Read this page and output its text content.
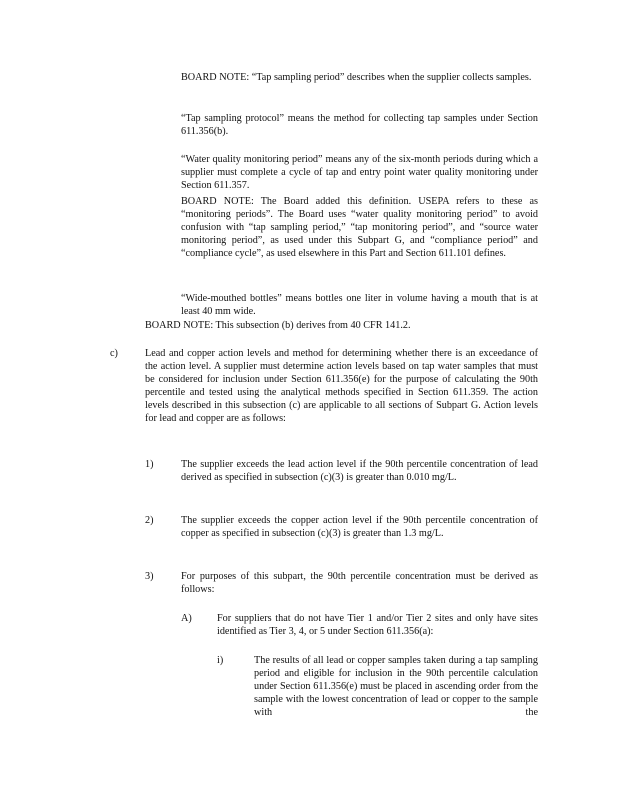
BOARD NOTE: “Tap sampling period” describes when the supplier collects samples.

“Tap sampling protocol” means the method for collecting tap samples under Section 611.356(b).

“Water quality monitoring period” means any of the six-month periods during which a supplier must complete a cycle of tap and entry point water quality monitoring under Section 611.357.

BOARD NOTE: The Board added this definition. USEPA refers to these as “monitoring periods”. The Board uses “water quality monitoring period” to avoid confusion with “tap sampling period,” “tap monitoring period”, and “source water monitoring period”, as used under this Subpart G, and “compliance period” and “compliance cycle”, as used elsewhere in this Part and Section 611.101 defines.

“Wide-mouthed bottles” means bottles one liter in volume having a mouth that is at least 40 mm wide.

BOARD NOTE: This subsection (b) derives from 40 CFR 141.2.

c)	Lead and copper action levels and method for determining whether there is an exceedance of the action level. A supplier must determine action levels based on tap water samples that must be considered for inclusion under Section 611.356(e) for the purpose of calculating the 90th percentile and tested using the analytical methods specified in Section 611.359. The action levels described in this subsection (c) are applicable to all sections of Subpart G. Action levels for lead and copper are as follows:

1)	The supplier exceeds the lead action level if the 90th percentile concentration of lead derived as specified in subsection (c)(3) is greater than 0.010 mg/L.

2)	The supplier exceeds the copper action level if the 90th percentile concentration of copper as specified in subsection (c)(3) is greater than 1.3 mg/L.

3)	For purposes of this subpart, the 90th percentile concentration must be derived as follows:

A) For suppliers that do not have Tier 1 and/or Tier 2 sites and only have sites identified as Tier 3, 4, or 5 under Section 611.356(a):

i)	The results of all lead or copper samples taken during a tap sampling period and eligible for inclusion in the 90th percentile calculation under Section 611.356(e) must be placed in ascending order from the sample with the lowest concentration of lead or copper to the sample with the
